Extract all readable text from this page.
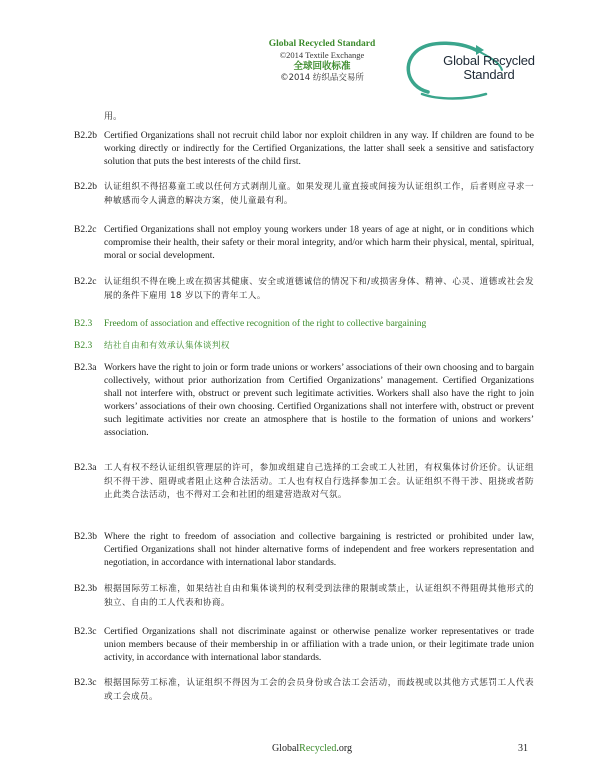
Global Recycled Standard
©2014 Textile Exchange
全球回收标准
©2014 纺织品交易所
Global Recycled
Standard
用。
B2.2b Certified Organizations shall not recruit child labor nor exploit children in any way. If children are found to be working directly or indirectly for the Certified Organizations, the latter shall seek a sensitive and satisfactory solution that puts the best interests of the child first.
B2.2b 认证组织不得招募童工或以任何方式剥削儿童。如果发现儿童直接或间接为认证组织工作，后者则应寻求一种敏感而令人满意的解决方案，使儿童最有利。
B2.2c Certified Organizations shall not employ young workers under 18 years of age at night, or in conditions which compromise their health, their safety or their moral integrity, and/or which harm their physical, mental, spiritual, moral or social development.
B2.2c 认证组织不得在晚上或在损害其健康、安全或道德诚信的情况下和/或损害身体、精神、心灵、道德或社会发展的条件下雇用 18 岁以下的青年工人。
B2.3	Freedom of association and effective recognition of the right to collective bargaining
B2.3	结社自由和有效承认集体谈判权
B2.3a Workers have the right to join or form trade unions or workers’ associations of their own choosing and to bargain collectively, without prior authorization from Certified Organizations’ management. Certified Organizations shall not interfere with, obstruct or prevent such legitimate activities. Workers shall also have the right to join workers’ associations of their own choosing. Certified Organizations shall not interfere with, obstruct or prevent such legitimate activities nor create an atmosphere that is hostile to the formation of unions and workers’ association.
B2.3a 工人有权不经认证组织管理层的许可，参加或组建自己选择的工会或工人社团，有权集体讨价还价。认证组织不得干涉、阻碍或者阻止这种合法活动。工人也有权自行选择参加工会。认证组织不得干涉、阻挠或者防止此类合法活动，也不得对工会和社团的组建营造敌对气氛。
B2.3b Where the right to freedom of association and collective bargaining is restricted or prohibited under law, Certified Organizations shall not hinder alternative forms of independent and free workers representation and negotiation, in accordance with international labor standards.
B2.3b 根据国际劳工标准，如果结社自由和集体谈判的权利受到法律的限制或禁止，认证组织不得阻碍其他形式的独立、自由的工人代表和协商。
B2.3c Certified Organizations shall not discriminate against or otherwise penalize worker representatives or trade union members because of their membership in or affiliation with a trade union, or their legitimate trade union activity, in accordance with international labor standards.
B2.3c 根据国际劳工标准，认证组织不得因为工会的会员身份或合法工会活动，而歧视或以其他方式惩罚工人代表或工会成员。
GlobalRecycled.org	31
